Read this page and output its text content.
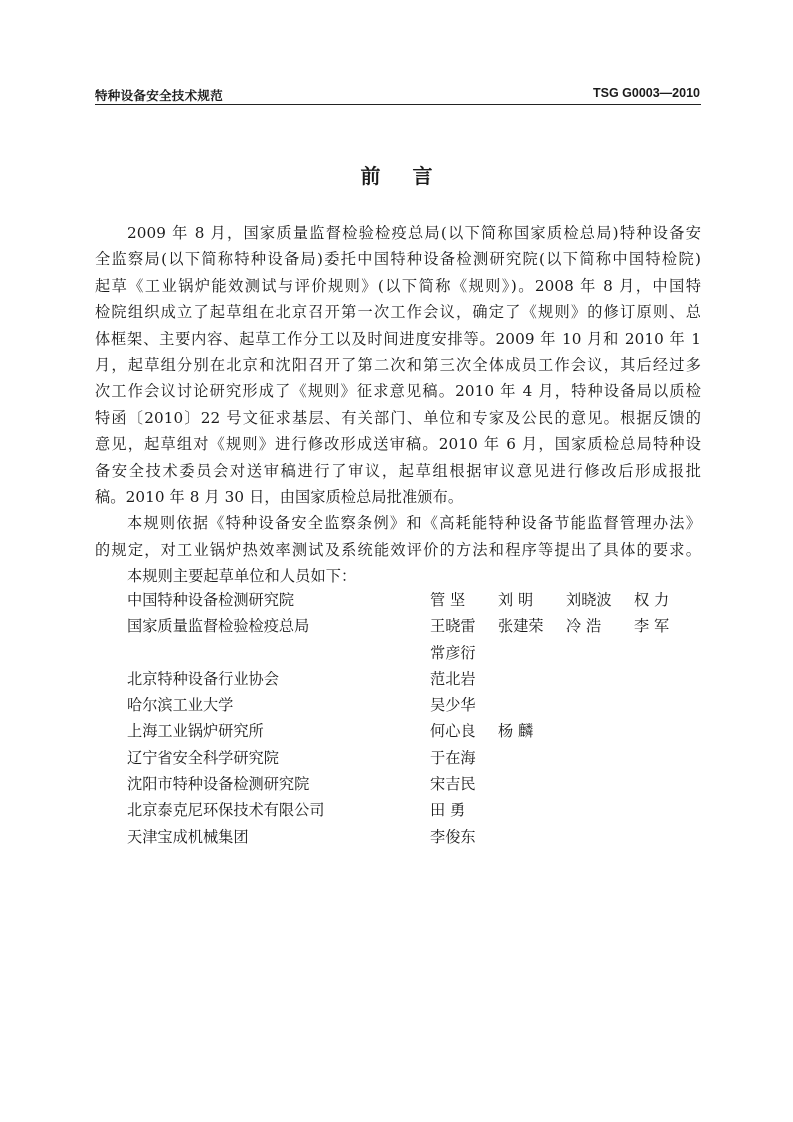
特种设备安全技术规范	TSG G0003—2010
前言
2009 年 8 月，国家质量监督检验检疫总局(以下简称国家质检总局)特种设备安
全监察局(以下简称特种设备局)委托中国特种设备检测研究院(以下简称中国特检院)
起草《工业锅炉能效测试与评价规则》(以下简称《规则》)。2008 年 8 月，中国特
检院组织成立了起草组在北京召开第一次工作会议，确定了《规则》的修订原则、总
体框架、主要内容、起草工作分工以及时间进度安排等。2009 年 10 月和 2010 年 1
月，起草组分别在北京和沈阳召开了第二次和第三次全体成员工作会议，其后经过多
次工作会议讨论研究形成了《规则》征求意见稿。2010 年 4 月，特种设备局以质检
特函〔2010〕22 号文征求基层、有关部门、单位和专家及公民的意见。根据反馈的
意见，起草组对《规则》进行修改形成送审稿。2010 年 6 月，国家质检总局特种设
备安全技术委员会对送审稿进行了审议，起草组根据审议意见进行修改后形成报批
稿。2010 年 8 月 30 日，由国家质检总局批准颁布。
本规则依据《特种设备安全监察条例》和《高耗能特种设备节能监督管理办法》
的规定，对工业锅炉热效率测试及系统能效评价的方法和程序等提出了具体的要求。
本规则主要起草单位和人员如下：
中国特种设备检测研究院	管 坚 刘 明 刘晓波 权 力
国家质量监督检验检疫总局	王晓雷 张建荣 冷 浩 李 军
常彦衍
北京特种设备行业协会	范北岩
哈尔滨工业大学	吴少华
上海工业锅炉研究所	何心良 杨 麟
辽宁省安全科学研究院	于在海
沈阳市特种设备检测研究院	宋吉民
北京泰克尼环保技术有限公司	田 勇
天津宝成机械集团	李俊东
